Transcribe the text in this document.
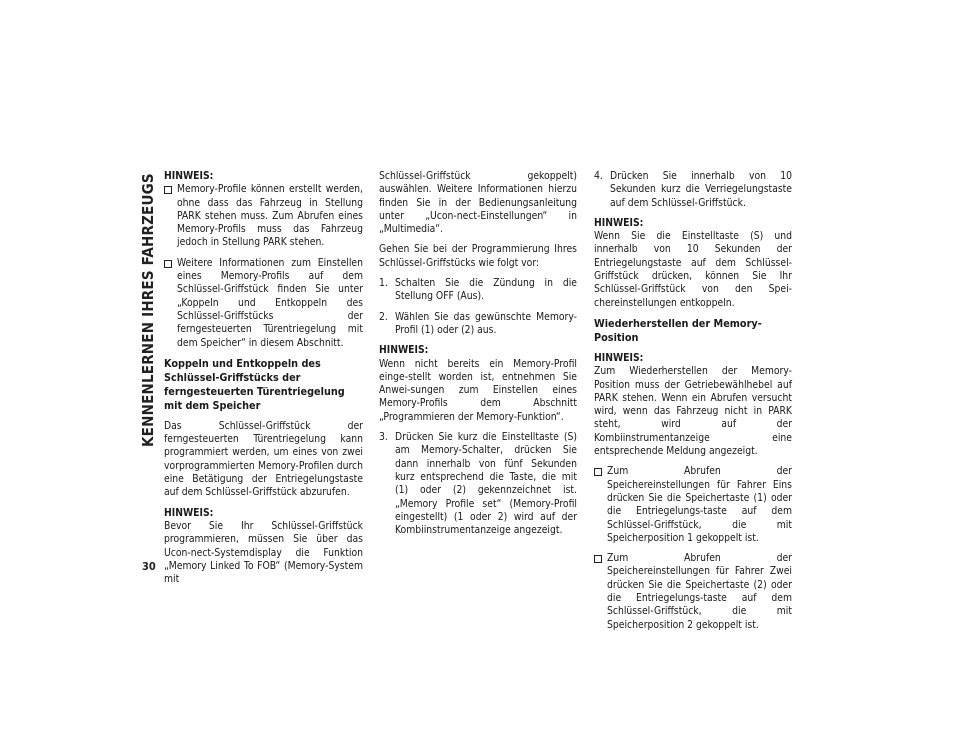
KENNENLERNEN IHRES FAHRZEUGS
30

HINWEIS:

Memory-Profile können erstellt werden, ohne dass das Fahrzeug in Stellung PARK stehen muss. Zum Abrufen eines Memory-Profils muss das Fahrzeug jedoch in Stellung PARK stehen.
Weitere Informationen zum Einstellen eines Memory-Profils auf dem Schlüssel-Griffstück finden Sie unter „Koppeln und Entkoppeln des Schlüssel-Griffstücks der ferngesteuerten Türentriegelung mit dem Speicher“ in diesem Abschnitt.

Koppeln und Entkoppeln des Schlüssel-Griffstücks der ferngesteuerten Türentriegelung mit dem Speicher

Das Schlüssel-Griffstück der ferngesteuerten Türentriegelung kann programmiert werden, um eines von zwei vorprogrammierten Memory-Profilen durch eine Betätigung der Entriegelungstaste auf dem Schlüssel-Griffstück abzurufen.

HINWEIS:

Bevor Sie Ihr Schlüssel-Griffstück programmieren, müssen Sie über das Ucon-nect-Systemdisplay die Funktion „Memory Linked To FOB“ (Memory-System mit

Schlüssel-Griffstück gekoppelt) auswählen. Weitere Informationen hierzu finden Sie in der Bedienungsanleitung unter „Ucon-nect-Einstellungen“ in „Multimedia“.

Gehen Sie bei der Programmierung Ihres Schlüssel-Griffstücks wie folgt vor:

1. Schalten Sie die Zündung in die Stellung OFF (Aus).
2. Wählen Sie das gewünschte Memory-Profil (1) oder (2) aus.

HINWEIS:

Wenn nicht bereits ein Memory-Profil einge-stellt worden ist, entnehmen Sie Anwei-sungen zum Einstellen eines Memory-Profils dem Abschnitt „Programmieren der Memory-Funktion“.

3. Drücken Sie kurz die Einstelltaste (S) am Memory-Schalter, drücken Sie dann innerhalb von fünf Sekunden kurz entsprechend die Taste, die mit (1) oder (2) gekennzeichnet ist. „Memory Profile set“ (Memory-Profil eingestellt) (1 oder 2) wird auf der Kombiinstrumentanzeige angezeigt.
4. Drücken Sie innerhalb von 10 Sekunden kurz die Verriegelungstaste auf dem Schlüssel-Griffstück.

HINWEIS:

Wenn Sie die Einstelltaste (S) und innerhalb von 10 Sekunden der Entriegelungstaste auf dem Schlüssel-Griffstück drücken, können Sie Ihr Schlüssel-Griffstück von den Spei-chereinstellungen entkoppeln.

Wiederherstellen der Memory-Position

HINWEIS:

Zum Wiederherstellen der Memory-Position muss der Getriebewählhebel auf PARK stehen. Wenn ein Abrufen versucht wird, wenn das Fahrzeug nicht in PARK steht, wird auf der Kombiinstrumentanzeige eine entsprechende Meldung angezeigt.

Zum Abrufen der Speichereinstellungen für Fahrer Eins drücken Sie die Speichertaste (1) oder die Entriegelungs-taste auf dem Schlüssel-Griffstück, die mit Speicherposition 1 gekoppelt ist.
Zum Abrufen der Speichereinstellungen für Fahrer Zwei drücken Sie die Speichertaste (2) oder die Entriegelungs-taste auf dem Schlüssel-Griffstück, die mit Speicherposition 2 gekoppelt ist.
